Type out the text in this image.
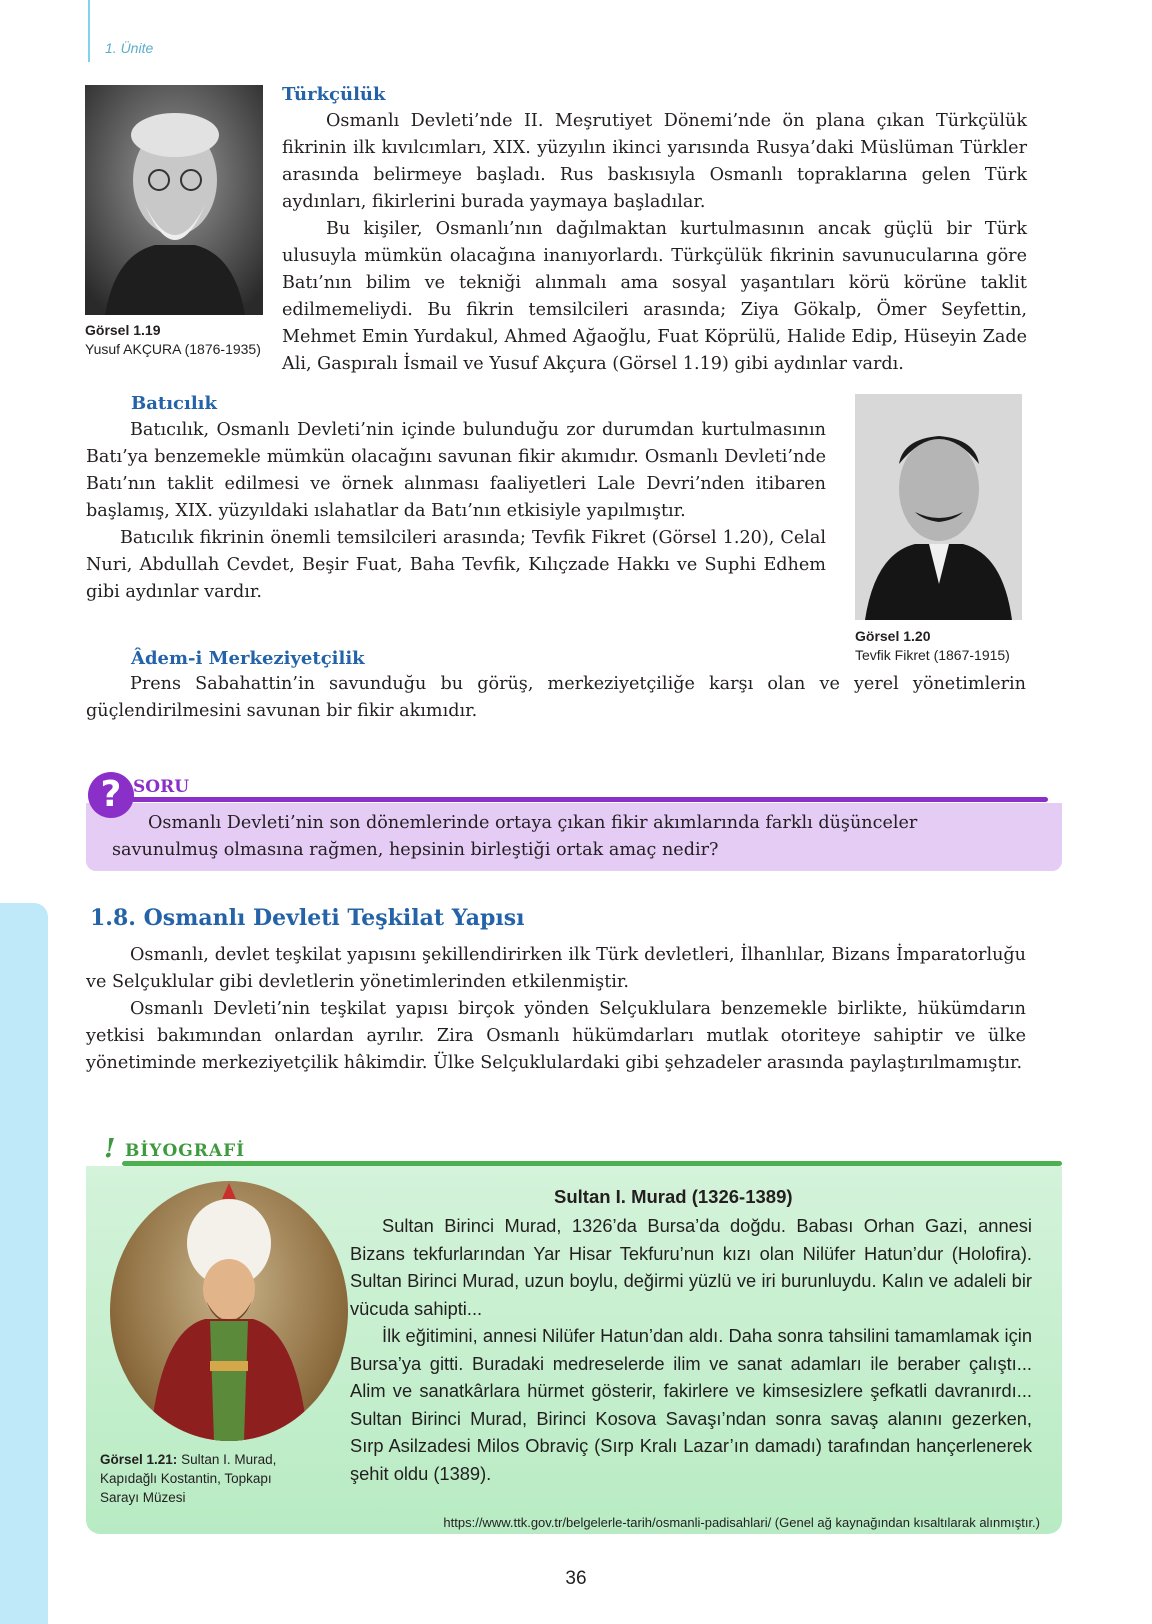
1. Ünite
Görsel 1.19
Yusuf AKÇURA (1876-1935)
Türkçülük

Osmanlı Devleti’nde II. Meşrutiyet Dönemi’nde ön plana çıkan Türkçülük fikrinin ilk kıvılcımları, XIX. yüzyılın ikinci yarısında Rusya’daki Müslüman Türkler arasında belirmeye başladı. Rus baskısıyla Osmanlı topraklarına gelen Türk aydınları, fikirlerini burada yaymaya başladılar.

Bu kişiler, Osmanlı’nın dağılmaktan kurtulmasının ancak güçlü bir Türk ulusuyla mümkün olacağına inanıyorlardı. Türkçülük fikrinin savunucularına göre Batı’nın bilim ve tekniği alınmalı ama sosyal yaşantıları körü körüne taklit edilmemeliydi. Bu fikrin temsilcileri arasında; Ziya Gökalp, Ömer Seyfettin, Mehmet Emin Yurdakul, Ahmed Ağaoğlu, Fuat Köprülü, Halide Edip, Hüseyin Zade Ali, Gaspıralı İsmail ve Yusuf Akçura (Görsel 1.19) gibi aydınlar vardı.

Görsel 1.20
Tevfik Fikret (1867-1915)
Batıcılık

Batıcılık, Osmanlı Devleti’nin içinde bulunduğu zor durumdan kurtulmasının Batı’ya benzemekle mümkün olacağını savunan fikir akımıdır. Osmanlı Devleti’nde Batı’nın taklit edilmesi ve örnek alınması faaliyetleri Lale Devri’nden itibaren başlamış, XIX. yüzyıldaki ıslahatlar da Batı’nın etkisiyle yapılmıştır.

Batıcılık fikrinin önemli temsilcileri arasında; Tevfik Fikret (Görsel 1.20), Celal Nuri, Abdullah Cevdet, Beşir Fuat, Baha Tevfik, Kılıçzade Hakkı ve Suphi Edhem gibi aydınlar vardır.

Âdem-i Merkeziyetçilik

Prens Sabahattin’in savunduğu bu görüş, merkeziyetçiliğe karşı olan ve yerel yönetimlerin güçlendirilmesini savunan bir fikir akımıdır.

? SORU

Osmanlı Devleti’nin son dönemlerinde ortaya çıkan fikir akımlarında farklı düşünceler

savunulmuş olmasına rağmen, hepsinin birleştiği ortak amaç nedir?

1.8. Osmanlı Devleti Teşkilat Yapısı

Osmanlı, devlet teşkilat yapısını şekillendirirken ilk Türk devletleri, İlhanlılar, Bizans İmparatorluğu ve Selçuklular gibi devletlerin yönetimlerinden etkilenmiştir.

Osmanlı Devleti’nin teşkilat yapısı birçok yönden Selçuklulara benzemekle birlikte, hükümdarın yetkisi bakımından onlardan ayrılır. Zira Osmanlı hükümdarları mutlak otoriteye sahiptir ve ülke yönetiminde merkeziyetçilik hâkimdir. Ülke Selçuklulardaki gibi şehzadeler arasında paylaştırılmamıştır.

! BİYOGRAFİ
Görsel 1.21: Sultan I. Murad, Kapıdağlı Kostantin, Topkapı Sarayı Müzesi
Sultan I. Murad (1326-1389)

Sultan Birinci Murad, 1326’da Bursa’da doğdu. Babası Orhan Gazi, annesi Bizans tekfurlarından Yar Hisar Tekfuru’nun kızı olan Nilüfer Hatun’dur (Holofira). Sultan Birinci Murad, uzun boylu, değirmi yüzlü ve iri burunluydu. Kalın ve adaleli bir vücuda sahipti...

İlk eğitimini, annesi Nilüfer Hatun’dan aldı. Daha sonra tahsilini tamamlamak için Bursa’ya gitti. Buradaki medreselerde ilim ve sanat adamları ile beraber çalıştı... Alim ve sanatkârlara hürmet gösterir, fakirlere ve kimsesizlere şefkatli davranırdı... Sultan Birinci Murad, Birinci Kosova Savaşı’ndan sonra savaş alanını gezerken, Sırp Asilzadesi Milos Obraviç (Sırp Kralı Lazar’ın damadı) tarafından hançerlenerek şehit oldu (1389).

https://www.ttk.gov.tr/belgelerle-tarih/osmanli-padisahlari/ (Genel ağ kaynağından kısaltılarak alınmıştır.)
36
